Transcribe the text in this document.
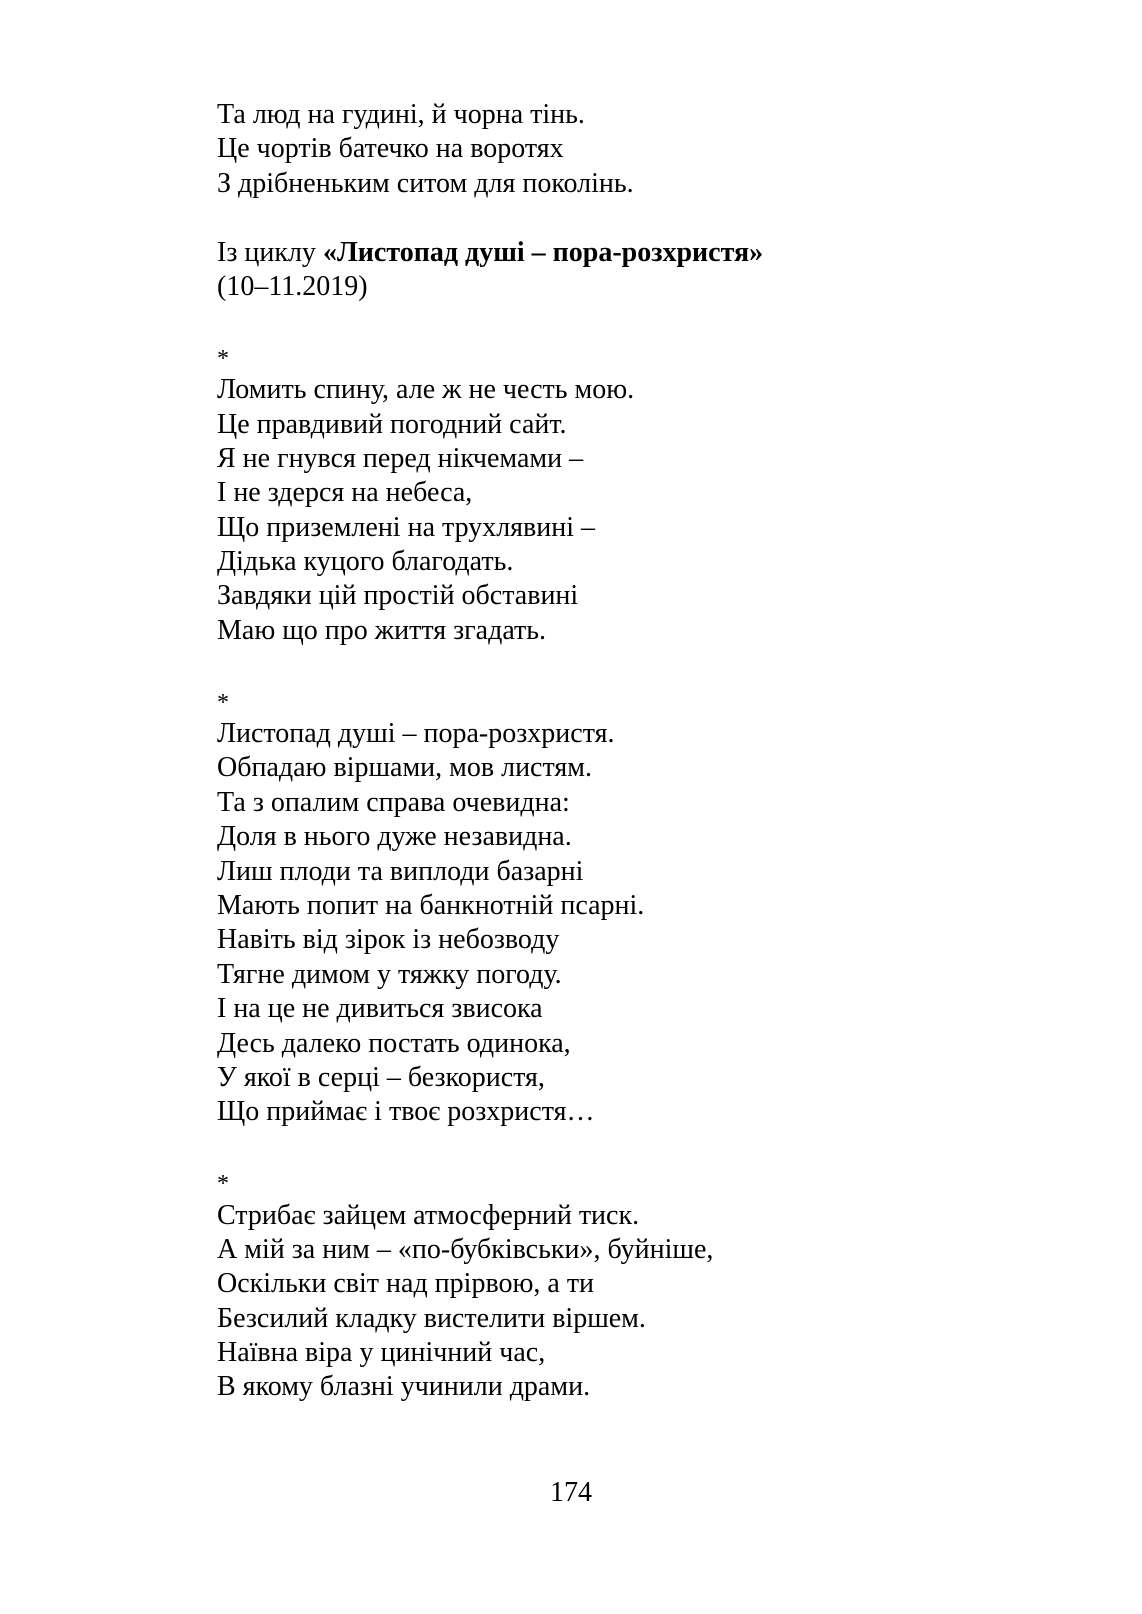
Та люд на гудині, й чорна тінь.
Це чортів батечко на воротях
З дрібненьким ситом для поколінь.
Із циклу «Листопад душі – пора-розхристя»
(10–11.2019)
*
Ломить спину, але ж не честь мою.
Це правдивий погодний сайт.
Я не гнувся перед нікчемами –
І не здерся на небеса,
Що приземлені на трухлявині –
Дідька куцого благодать.
Завдяки цій простій обставині
Маю що про життя згадать.
*
Листопад душі – пора-розхристя.
Обпадаю віршами, мов листям.
Та з опалим справа очевидна:
Доля в нього дуже незавидна.
Лиш плоди та виплоди базарні
Мають попит на банкнотній псарні.
Навіть від зірок із небозводу
Тягне димом у тяжку погоду.
І на це не дивиться звисока
Десь далеко постать одинока,
У якої в серці – безкористя,
Що приймає і твоє розхристя…
*
Стрибає зайцем атмосферний тиск.
А мій за ним – «по-бубківськи», буйніше,
Оскільки світ над прірвою, а ти
Безсилий кладку вистелити віршем.
Наївна віра у цинічний час,
В якому блазні учинили драми.
174
